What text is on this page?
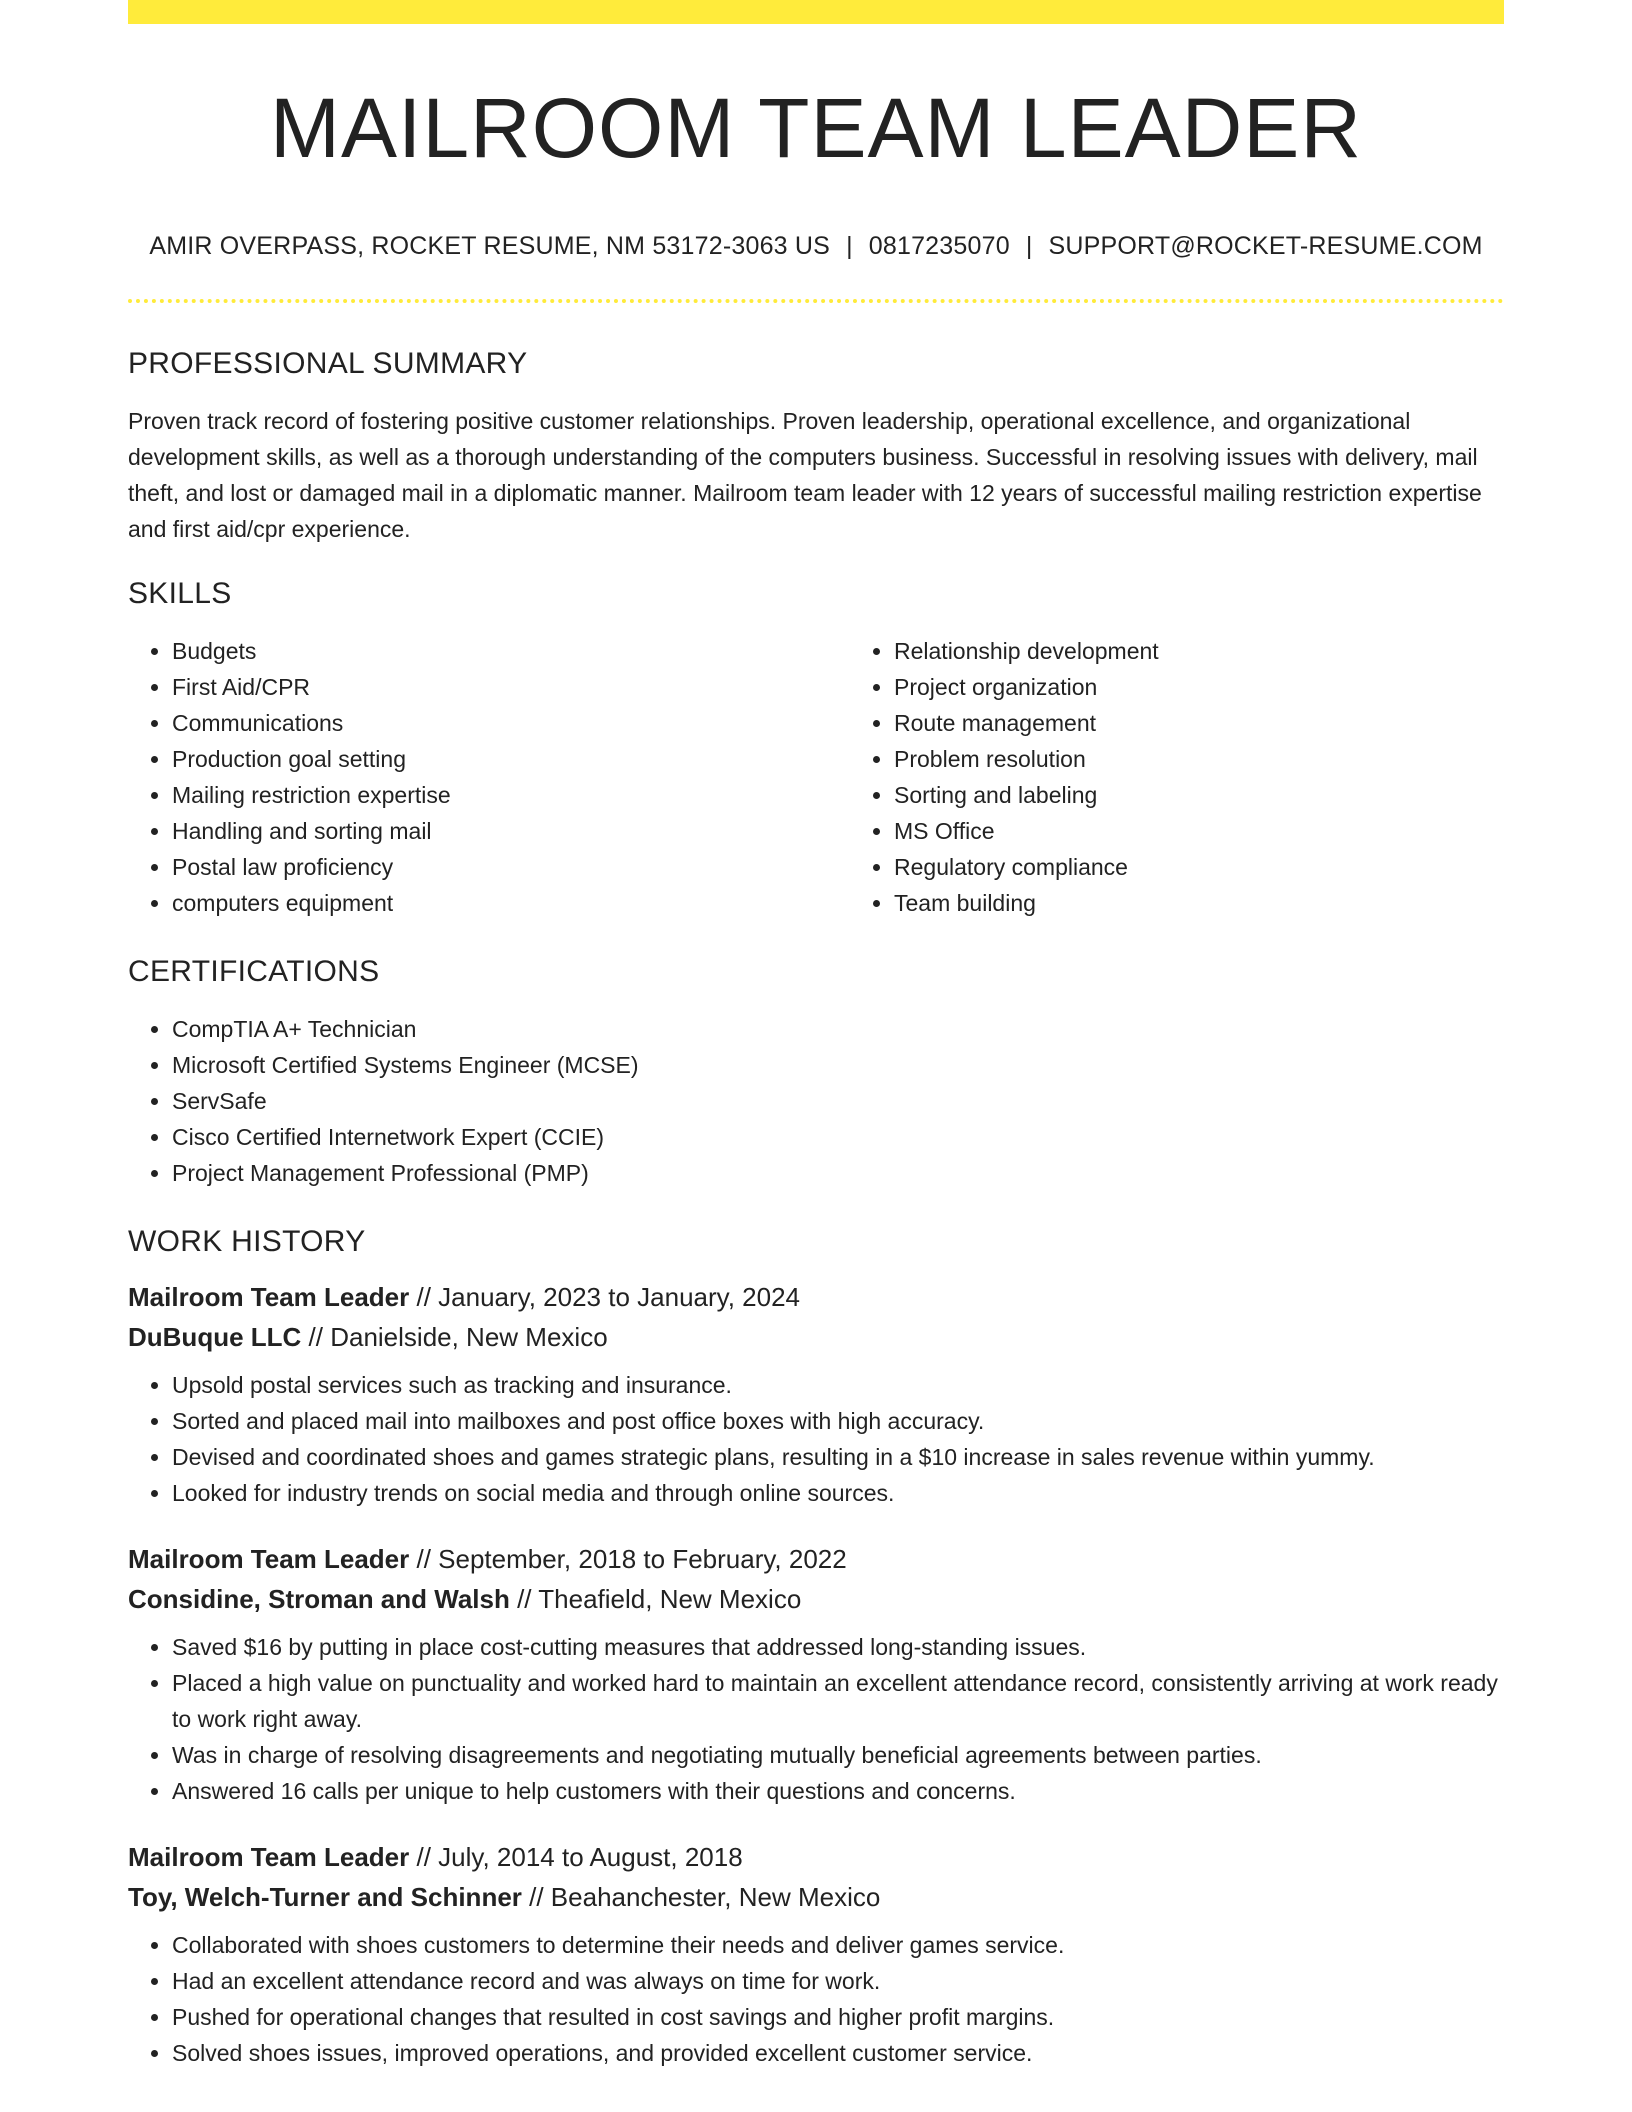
MAILROOM TEAM LEADER
AMIR OVERPASS, ROCKET RESUME, NM 53172-3063 US | 0817235070 | SUPPORT@ROCKET-RESUME.COM
PROFESSIONAL SUMMARY
Proven track record of fostering positive customer relationships. Proven leadership, operational excellence, and organizational development skills, as well as a thorough understanding of the computers business. Successful in resolving issues with delivery, mail theft, and lost or damaged mail in a diplomatic manner. Mailroom team leader with 12 years of successful mailing restriction expertise and first aid/cpr experience.
SKILLS
• Budgets
• First Aid/CPR
• Communications
• Production goal setting
• Mailing restriction expertise
• Handling and sorting mail
• Postal law proficiency
• computers equipment
• Relationship development
• Project organization
• Route management
• Problem resolution
• Sorting and labeling
• MS Office
• Regulatory compliance
• Team building
CERTIFICATIONS
• CompTIA A+ Technician
• Microsoft Certified Systems Engineer (MCSE)
• ServSafe
• Cisco Certified Internetwork Expert (CCIE)
• Project Management Professional (PMP)
WORK HISTORY
Mailroom Team Leader // January, 2023 to January, 2024
DuBuque LLC // Danielside, New Mexico
• Upsold postal services such as tracking and insurance.
• Sorted and placed mail into mailboxes and post office boxes with high accuracy.
• Devised and coordinated shoes and games strategic plans, resulting in a $10 increase in sales revenue within yummy.
• Looked for industry trends on social media and through online sources.
Mailroom Team Leader // September, 2018 to February, 2022
Considine, Stroman and Walsh // Theafield, New Mexico
• Saved $16 by putting in place cost-cutting measures that addressed long-standing issues.
• Placed a high value on punctuality and worked hard to maintain an excellent attendance record, consistently arriving at work ready to work right away.
• Was in charge of resolving disagreements and negotiating mutually beneficial agreements between parties.
• Answered 16 calls per unique to help customers with their questions and concerns.
Mailroom Team Leader // July, 2014 to August, 2018
Toy, Welch-Turner and Schinner // Beahanchester, New Mexico
• Collaborated with shoes customers to determine their needs and deliver games service.
• Had an excellent attendance record and was always on time for work.
• Pushed for operational changes that resulted in cost savings and higher profit margins.
• Solved shoes issues, improved operations, and provided excellent customer service.
